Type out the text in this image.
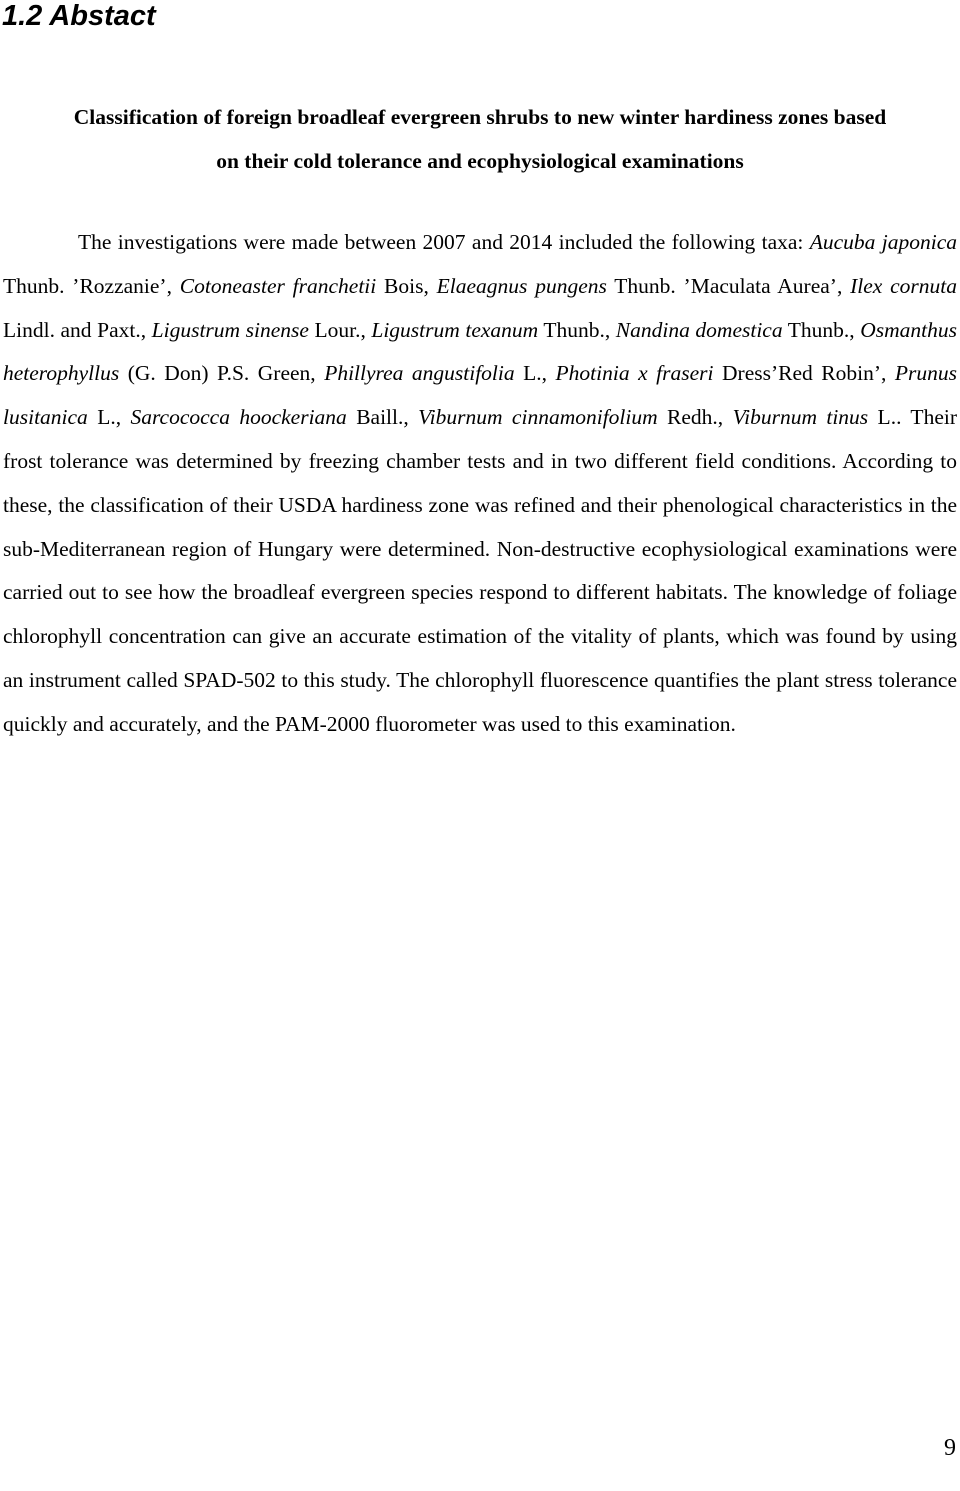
1.2 Abstact
Classification of foreign broadleaf evergreen shrubs to new winter hardiness zones based
on their cold tolerance and ecophysiological examinations

The investigations were made between 2007 and 2014 included the following taxa: Aucuba japonica Thunb. ’Rozzanie’, Cotoneaster franchetii Bois, Elaeagnus pungens Thunb. ’Maculata Aurea’, Ilex cornuta Lindl. and Paxt., Ligustrum sinense Lour., Ligustrum texanum Thunb., Nandina domestica Thunb., Osmanthus heterophyllus (G. Don) P.S. Green, Phillyrea angustifolia L., Photinia x fraseri Dress’Red Robin’, Prunus lusitanica L., Sarcococca hoockeriana Baill., Viburnum cinnamonifolium Redh., Viburnum tinus L.. Their frost tolerance was determined by freezing chamber tests and in two different field conditions. According to these, the classification of their USDA hardiness zone was refined and their phenological characteristics in the sub-Mediterranean region of Hungary were determined. Non-destructive ecophysiological examinations were carried out to see how the broadleaf evergreen species respond to different habitats. The knowledge of foliage chlorophyll concentration can give an accurate estimation of the vitality of plants, which was found by using an instrument called SPAD-502 to this study. The chlorophyll fluorescence quantifies the plant stress tolerance quickly and accurately, and the PAM-2000 fluorometer was used to this examination.

9
